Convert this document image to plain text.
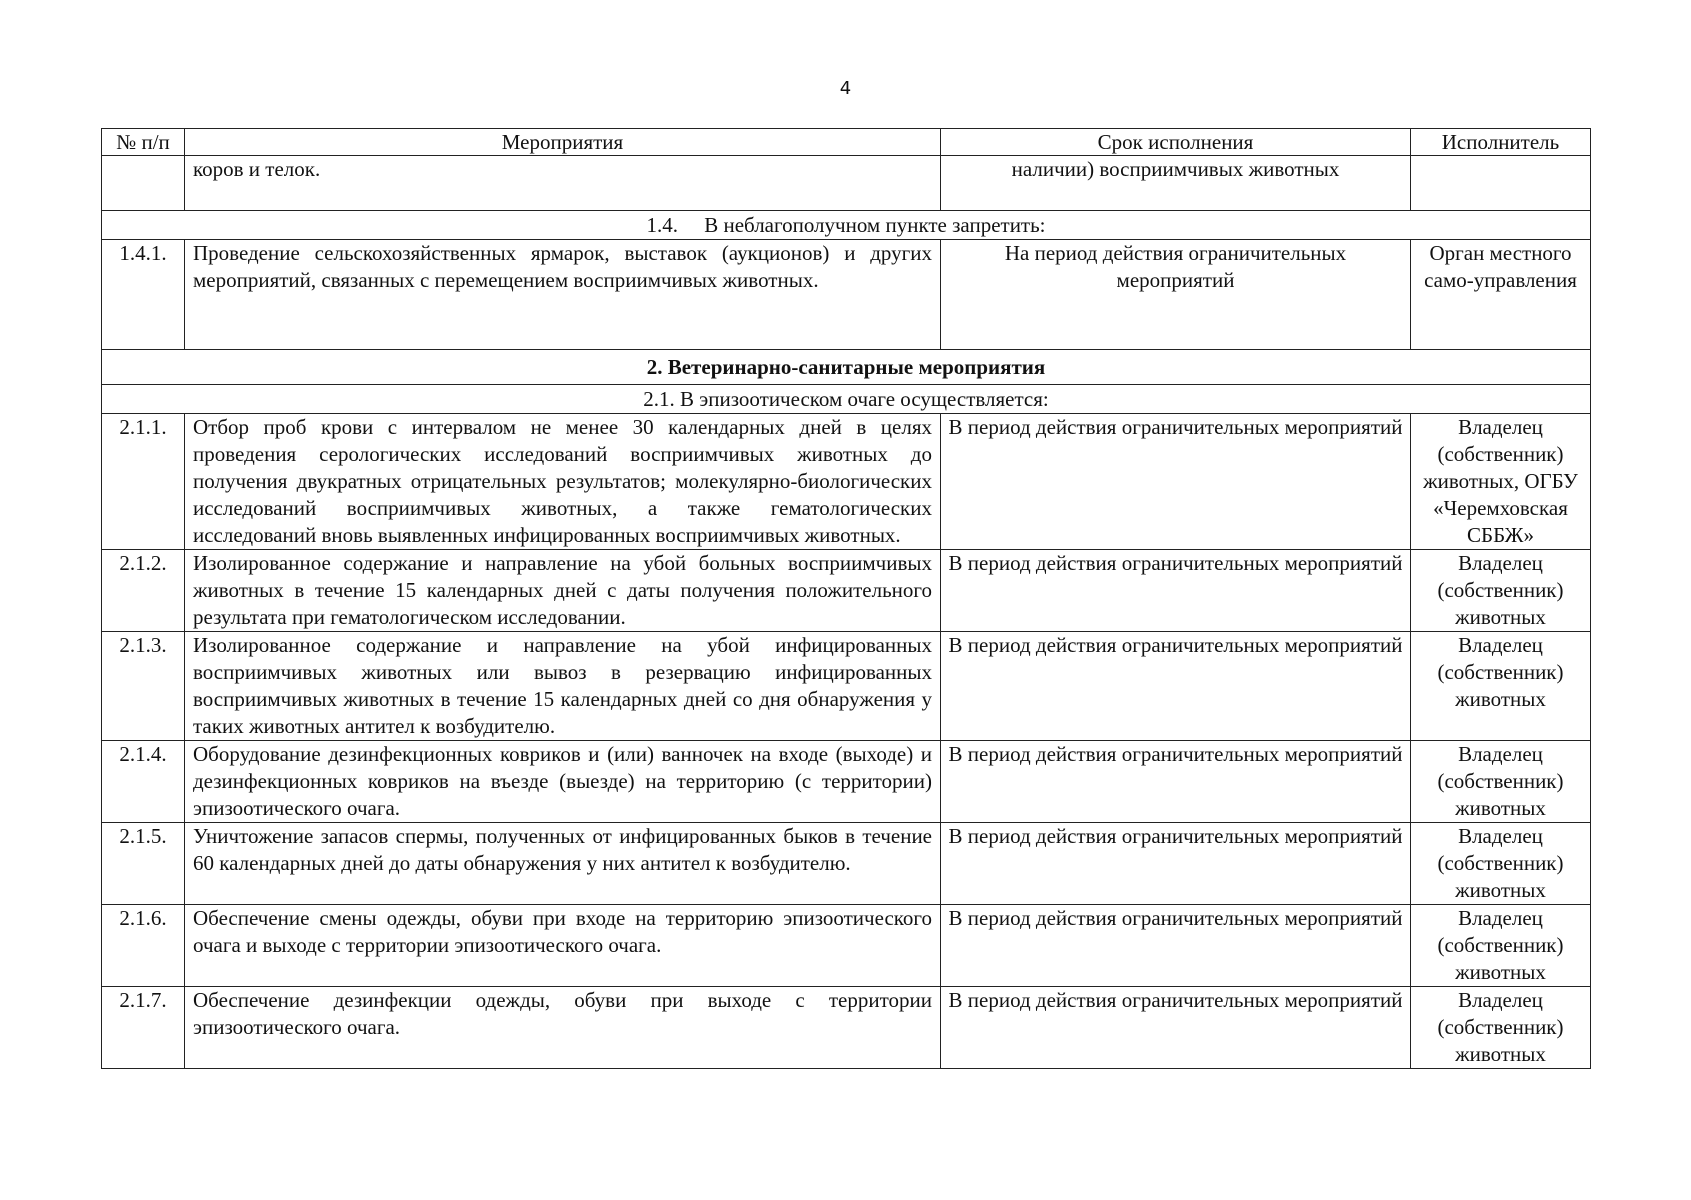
4
№ п/п	Мероприятия	Срок исполнения	Исполнитель
	коров и телок.	наличии) восприимчивых животных	
1.4.     В неблагополучном пункте запретить:			
1.4.1.	Проведение сельскохозяйственных ярмарок, выставок (аукционов) и других мероприятий, связанных с перемещением восприимчивых животных.	На период действия ограничительных мероприятий	Орган местного само-управления
2. Ветеринарно-санитарные мероприятия			
2.1. В эпизоотическом очаге осуществляется:			
2.1.1.	Отбор проб крови с интервалом не менее 30 календарных дней в целях проведения серологических исследований восприимчивых животных до получения двукратных отрицательных результатов; молекулярно-биологических исследований восприимчивых животных, а также гематологических исследований вновь выявленных инфицированных восприимчивых животных.	В период действия ограничительных мероприятий	Владелец (собственник) животных, ОГБУ «Черемховская СББЖ»
2.1.2.	Изолированное содержание и направление на убой больных восприимчивых животных в течение 15 календарных дней с даты получения положительного результата при гематологическом исследовании.	В период действия ограничительных мероприятий	Владелец (собственник) животных
2.1.3.	Изолированное содержание и направление на убой инфицированных восприимчивых животных или вывоз в резервацию инфицированных восприимчивых животных в течение 15 календарных дней со дня обнаружения у таких животных антител к возбудителю.	В период действия ограничительных мероприятий	Владелец (собственник) животных
2.1.4.	Оборудование дезинфекционных ковриков и (или) ванночек на входе (выходе) и дезинфекционных ковриков на въезде (выезде) на территорию (с территории) эпизоотического очага.	В период действия ограничительных мероприятий	Владелец (собственник) животных
2.1.5.	Уничтожение запасов спермы, полученных от инфицированных быков в течение 60 календарных дней до даты обнаружения у них антител к возбудителю.	В период действия ограничительных мероприятий	Владелец (собственник) животных
2.1.6.	Обеспечение смены одежды, обуви при входе на территорию эпизоотического очага и выходе с территории эпизоотического очага.	В период действия ограничительных мероприятий	Владелец (собственник) животных
2.1.7.	Обеспечение дезинфекции одежды, обуви при выходе с территории эпизоотического очага.	В период действия ограничительных мероприятий	Владелец (собственник) животных
